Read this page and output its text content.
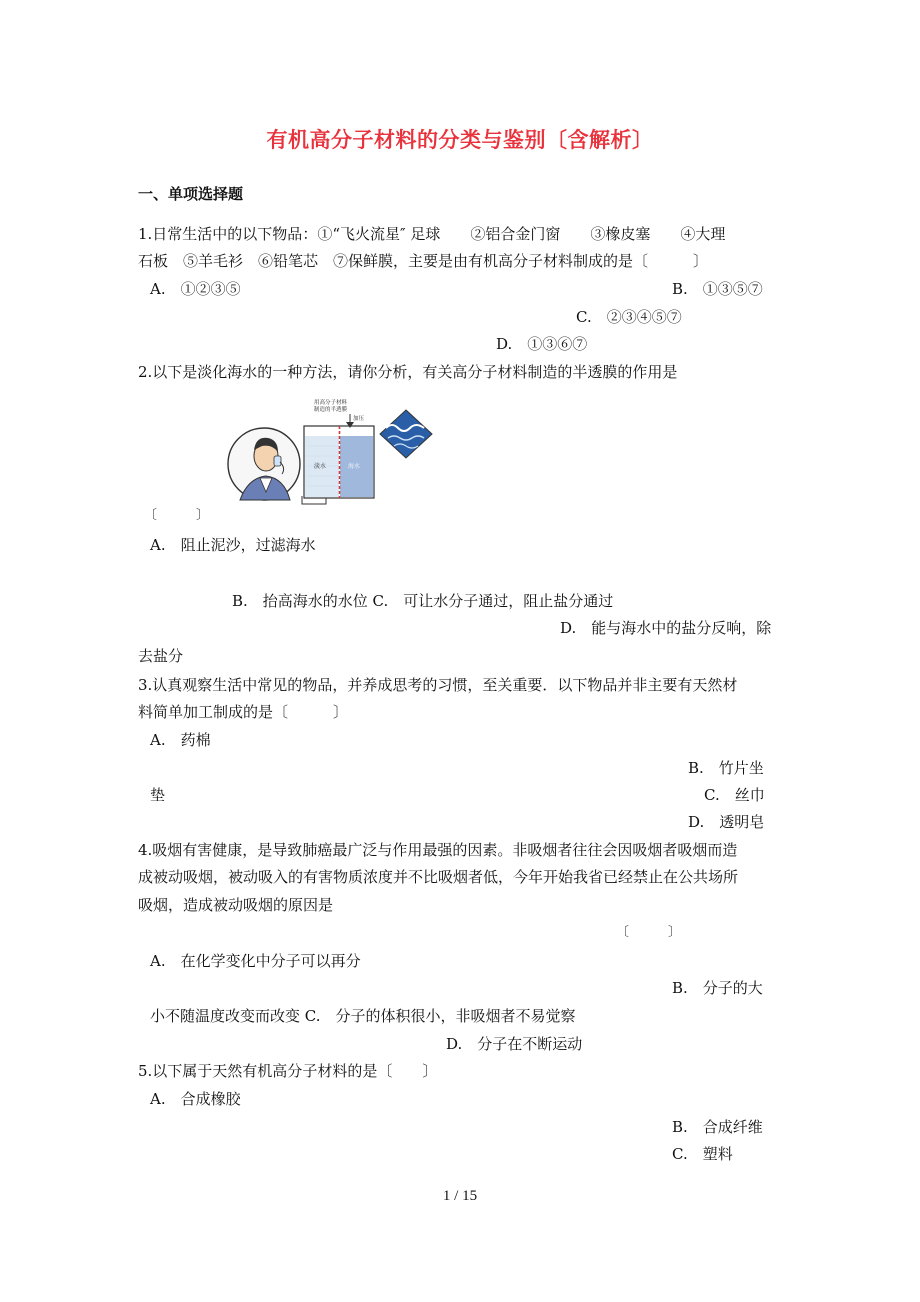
有机高分子材料的分类与鉴别〔含解析〕
一、单项选择题
1.日常生活中的以下物品：①“飞火流星″ 足球　　②铝合金门窗　　③橡皮塞　　④大理
石板　⑤羊毛衫　⑥铅笔芯　⑦保鲜膜，主要是由有机高分子材料制成的是〔　　　〕
A.　①②③⑤	B.　①③⑤⑦
C.　②③④⑤⑦
D.　①③⑥⑦
2.以下是淡化海水的一种方法，请你分析，有关高分子材料制造的半透膜的作用是
用高分子材料
制造的半透膜
加压
淡水	海水
〔　　　〕
A.　阻止泥沙，过滤海水
B.　抬高海水的水位 C.　可让水分子通过，阻止盐分通过
D.　能与海水中的盐分反响，除
去盐分
3.认真观察生活中常见的物品，并养成思考的习惯，至关重要．以下物品并非主要有天然材
料简单加工制成的是〔　　　〕
A.　药棉
B.　竹片坐
垫	C.　丝巾
D.　透明皂
4.吸烟有害健康，是导致肺癌最广泛与作用最强的因素。非吸烟者往往会因吸烟者吸烟而造
成被动吸烟，被动吸入的有害物质浓度并不比吸烟者低，今年开始我省已经禁止在公共场所
吸烟，造成被动吸烟的原因是
〔　　　〕
A.　在化学变化中分子可以再分
B.　分子的大
小不随温度改变而改变 C.　分子的体积很小，非吸烟者不易觉察
D.　分子在不断运动
5.以下属于天然有机高分子材料的是〔　　〕
A.　合成橡胶
B.　合成纤维
C.　塑料
1 / 15
